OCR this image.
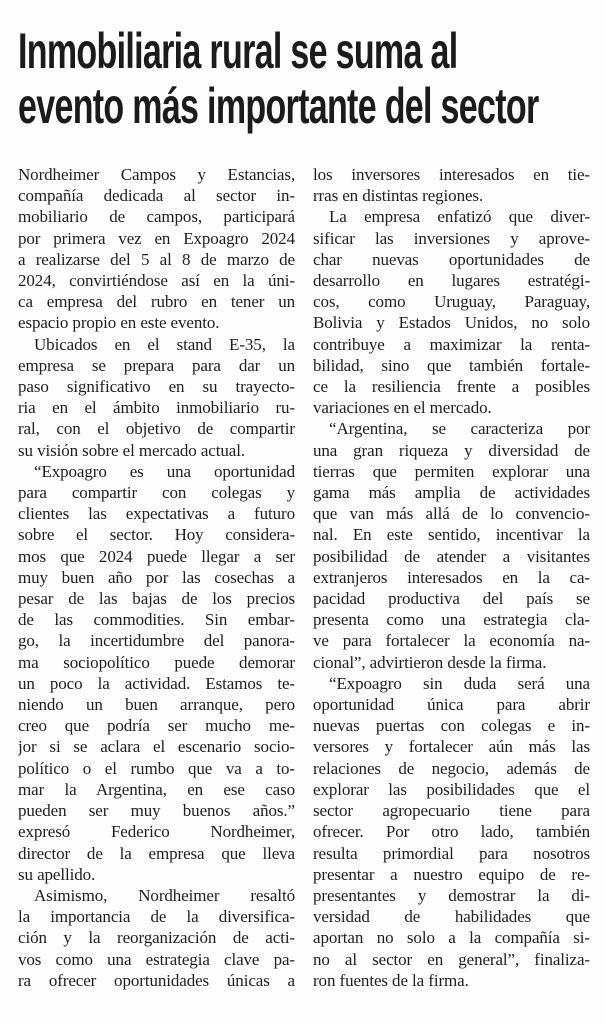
Inmobiliaria rural se suma al
evento más importante del sector
Nordheimer Campos y Estancias,
compañía dedicada al sector in-
mobiliario de campos, participará
por primera vez en Expoagro 2024
a realizarse del 5 al 8 de marzo de
2024, convirtiéndose así en la úni-
ca empresa del rubro en tener un
espacio propio en este evento.
Ubicados en el stand E-35, la
empresa se prepara para dar un
paso significativo en su trayecto-
ria en el ámbito inmobiliario ru-
ral, con el objetivo de compartir
su visión sobre el mercado actual.
“Expoagro es una oportunidad
para compartir con colegas y
clientes las expectativas a futuro
sobre el sector. Hoy considera-
mos que 2024 puede llegar a ser
muy buen año por las cosechas a
pesar de las bajas de los precios
de las commodities. Sin embar-
go, la incertidumbre del panora-
ma sociopolítico puede demorar
un poco la actividad. Estamos te-
niendo un buen arranque, pero
creo que podría ser mucho me-
jor si se aclara el escenario socio-
político o el rumbo que va a to-
mar la Argentina, en ese caso
pueden ser muy buenos años.”
expresó Federico Nordheimer,
director de la empresa que lleva
su apellido.
Asimismo, Nordheimer resaltó
la importancia de la diversifica-
ción y la reorganización de acti-
vos como una estrategia clave pa-
ra ofrecer oportunidades únicas a
los inversores interesados en tie-
rras en distintas regiones.
La empresa enfatizó que diver-
sificar las inversiones y aprove-
char nuevas oportunidades de
desarrollo en lugares estratégi-
cos, como Uruguay, Paraguay,
Bolivia y Estados Unidos, no solo
contribuye a maximizar la renta-
bilidad, sino que también fortale-
ce la resiliencia frente a posibles
variaciones en el mercado.
“Argentina, se caracteriza por
una gran riqueza y diversidad de
tierras que permiten explorar una
gama más amplia de actividades
que van más allá de lo convencio-
nal. En este sentido, incentivar la
posibilidad de atender a visitantes
extranjeros interesados en la ca-
pacidad productiva del país se
presenta como una estrategia cla-
ve para fortalecer la economía na-
cional”, advirtieron desde la firma.
“Expoagro sin duda será una
oportunidad única para abrir
nuevas puertas con colegas e in-
versores y fortalecer aún más las
relaciones de negocio, además de
explorar las posibilidades que el
sector agropecuario tiene para
ofrecer. Por otro lado, también
resulta primordial para nosotros
presentar a nuestro equipo de re-
presentantes y demostrar la di-
versidad de habilidades que
aportan no solo a la compañía si-
no al sector en general”, finaliza-
ron fuentes de la firma.
